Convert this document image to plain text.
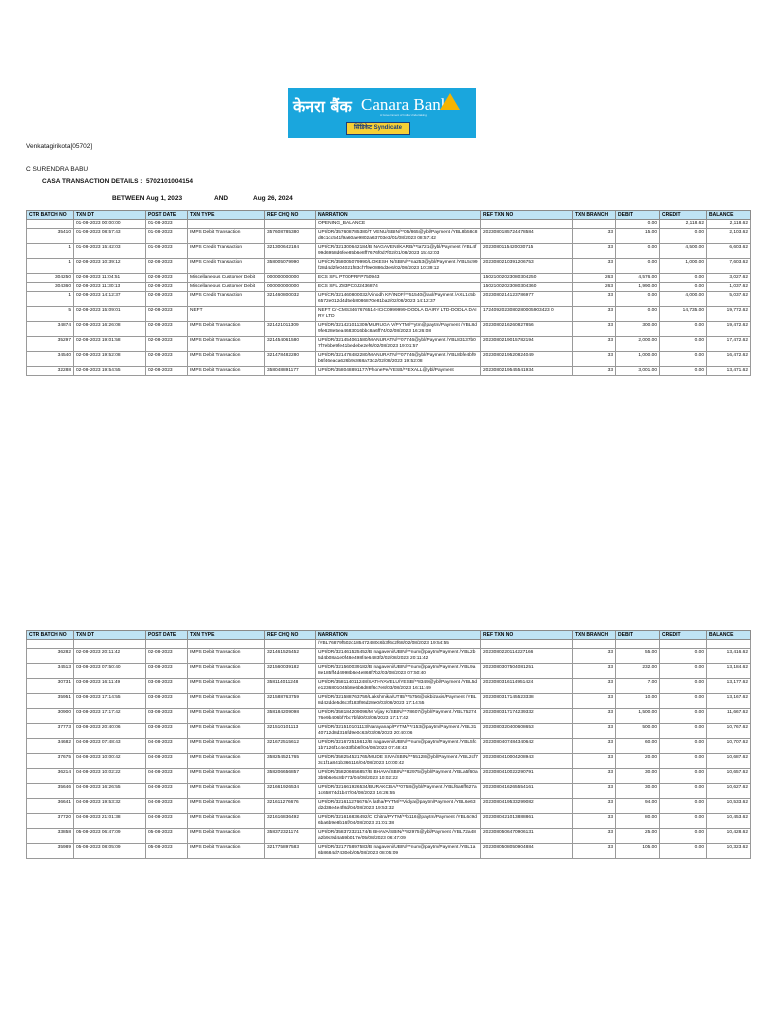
केनरा बैंक Canara Bank
A Government of India Undertaking
सिंडिकेट Syndicate
Venkatagirikota[05702]
C SURENDRA BABU
CASA TRANSACTION DETAILS : 5702101004154
BETWEEN Aug 1, 2023	AND	Aug 26, 2024
CTR BATCH NO	TXN DT	POST DATE	TXN TYPE	REF CHQ NO	NARRATION	REF TXN NO	TXN BRANCH	DEBIT	CREDIT	BALANCE
	01-08-2023 00:00:00	01-08-2023			OPENING_BALANCE			0.00	2,118.62	2,118.62
35410	01-08-2023 08:57:43	01-08-2023	IMPS Debit Transaction	357608785380	UPI/DR/357608785380/T VENU/SBIN/**05/865@ybl/Payment /YBL8b58c8d8c1cc541f9a60ae9802a63703e3/01/08/2023 08:57:42	2023080185724478584	33	15.00	0.00	2,103.62
1	01-08-2023 15:42:03	01-08-2023	IMPS Credit Transaction	321300642184	UPI/CR/321300642184/B NAGAVENI/KARB/**ta721@ybl/Payment /YBL4f99d6958d6fee85b6e8ff7676f0d7f02/01/08/2023 15:42:03	2023080115420030715	33	0.00	4,500.00	6,603.62
1	02-08-2023 10:39:12	02-08-2023	IMPS Credit Transaction	358005079990	UPI/CR/358005079990/LOKESH N/SBIN/**na253@ybl/Payment /YBL5c99f28d4d2fe04021f83cf7f9e0886d3e6/02/08/2023 10:39:12	2023080210391206753	33	0.00	1,000.00	7,603.62
304250	02-08-2023 11:04:51	02-08-2023	Miscellaneous Customer Debit	000000000000	ECS SFL PT00PRFP750943	15021002023080304250	263	4,576.00	0.00	3,027.62
304360	02-08-2023 11:30:13	02-08-2023	Miscellaneous Customer Debit	000000000000	ECS SFL Z83PC0J2436874	15021002023080304360	263	1,990.00	0.00	1,037.62
1	02-08-2023 14:12:37	02-08-2023	IMPS Credit Transaction	321460800032	UPI/CR/321460800032/Vinodh KF/INDF/**51540@axl/Payment /AXL1c5b6572e012d4d5eb8086870e81ba2/02/08/2023 14:12:37	2023080214123786977	33	0.00	4,000.00	5,037.62
5	02-08-2023 15:09:01	02-08-2023	NEFT		NEFT Cr-CMS3467676514-ICIC0999999-DODLA DAIRY LTD-DODLA DAIRY LTD	1724092023080280005903423 0	33	0.00	14,735.00	19,772.62
34874	02-08-2023 16:26:08	02-08-2023	IMPS Debit Transaction	321421011309	UPI/DR/321421011309/MURUGA V/PYTM/**ytm@paytm/Payment /YBL8d9fe628e5ea4683016bbc8a6ff74/02/08/2023 16:26:08	2023080216260827856	33	300.00	0.00	19,472.62
35297	02-08-2023 19:01:58	02-08-2023	IMPS Debit Transaction	321454061580	UPI/DR/321454061580/MANURATN/**07746@ybl/Payment /YBL83137b07f7ebbe9fe41bedebe2ef6/02/08/2023 19:01:57	2023080219015782194	33	2,000.00	0.00	17,472.62
34540	02-08-2023 19:52:08	02-08-2023	IMPS Debit Transaction	321478482280	UPI/DR/321478482280/MANURATN/**07746@ybl/Payment /YBL8bfe4bf9b6f46eaca626b9c868a73c2/02/08/2023 19:52:08	2023080219520824049	33	1,000.00	0.00	16,472.62
32288	02-08-2023 19:54:55	02-08-2023	IMPS Debit Transaction	358048891177	UPI/DR/358048891177/PhonePe/YESB/**EXALL@ybl/Payment	2023080219545541934	33	3,001.00	0.00	13,471.62
CTR BATCH NO	TXN DT	POST DATE	TXN TYPE	REF CHQ NO	NARRATION	REF TXN NO	TXN BRANCH	DEBIT	CREDIT	BALANCE
					/YBL76879f502c185472480c6b3f6c2f68/02/08/2023 19:54:55					
36282	02-08-2023 20:11:42	02-08-2023	IMPS Debit Transaction	321461525452	UPI/DR/321461525452/B nagaveni/UBIN/**num@paytm/Payment /YBL2b5d4b08a1e0f48e498f4e6483f2/02/08/2023 20:11:42	2023080220114227166	33	55.00	0.00	13,416.62
34513	03-08-2023 07:50:40	03-08-2023	IMPS Debit Transaction	321560039182	UPI/DR/321560039182/B nagaveni/UBIN/**num@paytm/Payment /YBL9a8e185ff4d4998b6e4e868f7b2/03/08/2023 07:50:40	2023080307504081251	33	232.00	0.00	13,184.62
30731	03-08-2023 16:11:49	03-08-2023	IMPS Debit Transaction	358114011248	UPI/DR/358114011248/SATHYAVELU/YESB/**8349@ybl/Payment /YBL5de1236801045b8e6b8d88f6c7e8/03/08/2023 16:11:49	2023080316114951424	33	7.00	0.00	13,177.62
35951	03-08-2023 17:14:55	03-08-2023	IMPS Debit Transaction	321588763759	UPI/DR/321588763759/Lakshmika/UTIB/**5756@okbizaxis/Payment /YBL8d42dde5d6c3f183f86d28e0/03/08/2023 17:14:55	2023080317145523338	33	10.00	0.00	13,167.62
30900	03-08-2023 17:17:42	03-08-2023	IMPS Debit Transaction	358184209098	UPI/DR/358184209098/M Vijay K/SBIN/**78607@ybl/Payment /YBL7527476e9b406bf7bc7bfd0/03/08/2023 17:17:42	2023080317174239332	33	1,500.00	0.00	11,667.62
37773	03-08-2023 20:40:06	03-08-2023	IMPS Debit Transaction	321510101113	UPI/DR/321510101113/Narayanap/PYTM/**r153@paytm/Payment /YBL3140712d8d316fd9e0c63/03/08/2023 20:40:06	2023080320400608653	33	500.00	0.00	10,767.62
34682	04-08-2023 07:48:43	04-08-2023	IMPS Debit Transaction	321672515612	UPI/DR/321672515612/B nagaveni/UBIN/**num@paytm/Payment /YBL5fc1b7126f1c4e33fbb6f/04/08/2023 07:48:43	2023080407484340642	33	60.00	0.00	10,707.62
37675	04-08-2023 10:00:42	04-08-2023	IMPS Debit Transaction	358254521765	UPI/DR/358254521765/MUDE SIVA/SBIN/**55128@ybl/Payment /YBL2cf73c1f1a841b366116/04/08/2023 10:00:42	2023080410004208943	33	20.00	0.00	10,687.62
36214	04-08-2023 10:02:22	04-08-2023	IMPS Debit Transaction	358206656857	UPI/DR/358206656857/B BHAVA/SBIN/**82975@ybl/Payment /YBLa5f60a3b9b6e5c8b773/04/08/2023 10:02:22	2023080410022290791	33	30.00	0.00	10,657.62
35646	04-08-2023 16:26:55	04-08-2023	IMPS Debit Transaction	321661926534	UPI/DR/321661926534/BURAKCBA/**0758@ybl/Payment /YBLf6a6ff627a1c65874d1b47/04/08/2023 16:26:55	2023080416265554161	33	30.00	0.00	10,627.62
36641	04-08-2023 19:53:32	04-08-2023	IMPS Debit Transaction	321611276676	UPI/DR/321611276676/A latha/PYTM/**Vidya@paytm/Payment /YBL6e63d2d38e4e4f8d/04/08/2023 19:53:32	2023080419533299082	33	94.00	0.00	10,533.62
37720	04-08-2023 21:01:38	04-08-2023	IMPS Debit Transaction	321616836492	UPI/DR/321616836492/C Chitra/PYTM/**b116@paytm/Payment /YBL6c9d6ba6b9e8b16f/04/08/2023 21:01:38	2023080421013888861	33	80.00	0.00	10,453.62
33858	05-08-2023 06:47:09	05-08-2023	IMPS Debit Transaction	358372321174	UPI/DR/358372321174/B BHAVA/SBIN/**82975@ybl/Payment /YBL72a48a2b9c9d4a59b017e/05/08/2023 06:47:09	2023080506470906131	33	25.00	0.00	10,428.62
35989	05-08-2023 08:05:09	05-08-2023	IMPS Debit Transaction	321775897583	UPI/DR/321775897583/B nagaveni/UBIN/**num@paytm/Payment /YBL1a6b8684d7430eb/05/08/2023 08:05:09	2023080508050904884	33	105.00	0.00	10,323.62
